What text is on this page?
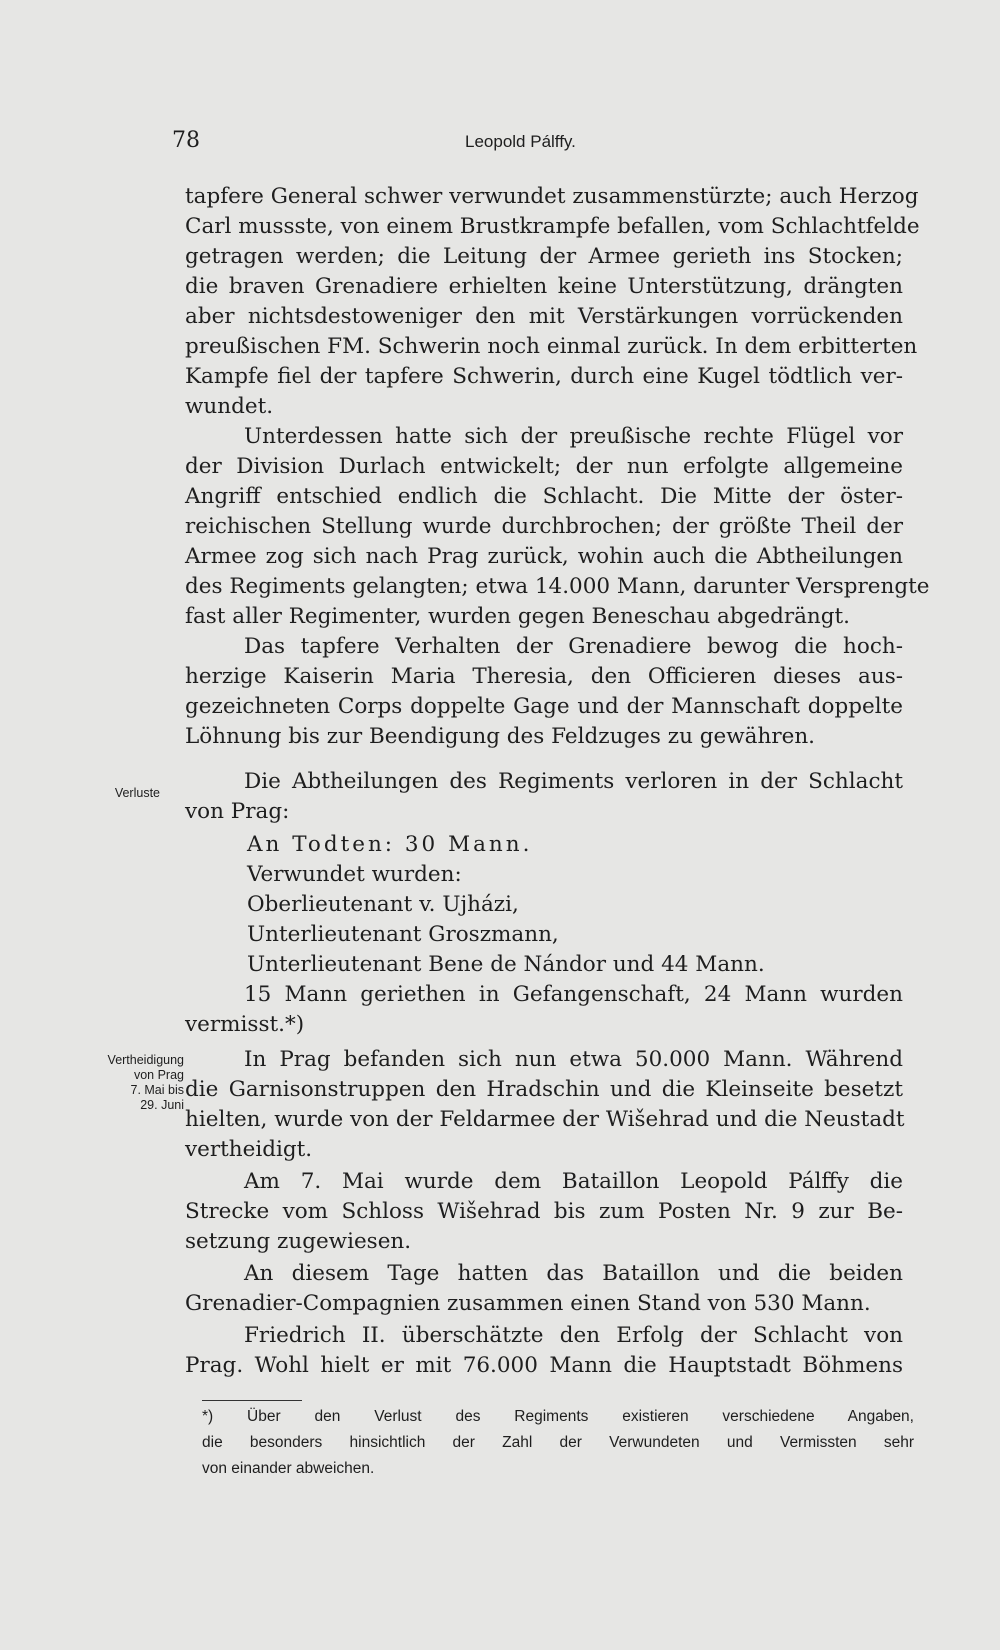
78	Leopold Pálffy.
Verluste
Vertheidigung
von Prag
7. Mai bis
29. Juni
tapfere General schwer verwundet zusammenstürzte; auch Herzog
Carl mussste, von einem Brustkrampfe befallen, vom Schlachtfelde
getragen werden; die Leitung der Armee gerieth ins Stocken;
die braven Grenadiere erhielten keine Unterstützung, drängten
aber nichtsdestoweniger den mit Verstärkungen vorrückenden
preußischen FM. Schwerin noch einmal zurück. In dem erbitterten
Kampfe fiel der tapfere Schwerin, durch eine Kugel tödtlich ver-
wundet.
Unterdessen hatte sich der preußische rechte Flügel vor
der Division Durlach entwickelt; der nun erfolgte allgemeine
Angriff entschied endlich die Schlacht. Die Mitte der öster-
reichischen Stellung wurde durchbrochen; der größte Theil der
Armee zog sich nach Prag zurück, wohin auch die Abtheilungen
des Regiments gelangten; etwa 14.000 Mann, darunter Versprengte
fast aller Regimenter, wurden gegen Beneschau abgedrängt.
Das tapfere Verhalten der Grenadiere bewog die hoch-
herzige Kaiserin Maria Theresia, den Officieren dieses aus-
gezeichneten Corps doppelte Gage und der Mannschaft doppelte
Löhnung bis zur Beendigung des Feldzuges zu gewähren.
Die Abtheilungen des Regiments verloren in der Schlacht
von Prag:
An Todten: 30 Mann.
Verwundet wurden:
Oberlieutenant v. Ujházi,
Unterlieutenant Groszmann,
Unterlieutenant Bene de Nándor und 44 Mann.
15 Mann geriethen in Gefangenschaft, 24 Mann wurden
vermisst.*)
In Prag befanden sich nun etwa 50.000 Mann. Während
die Garnisonstruppen den Hradschin und die Kleinseite besetzt
hielten, wurde von der Feldarmee der Wišehrad und die Neustadt
vertheidigt.
Am 7. Mai wurde dem Bataillon Leopold Pálffy die
Strecke vom Schloss Wišehrad bis zum Posten Nr. 9 zur Be-
setzung zugewiesen.
An diesem Tage hatten das Bataillon und die beiden
Grenadier-Compagnien zusammen einen Stand von 530 Mann.
Friedrich II. überschätzte den Erfolg der Schlacht von
Prag. Wohl hielt er mit 76.000 Mann die Hauptstadt Böhmens
*) Über den Verlust des Regiments existieren verschiedene Angaben,
die besonders hinsichtlich der Zahl der Verwundeten und Vermissten sehr
von einander abweichen.
